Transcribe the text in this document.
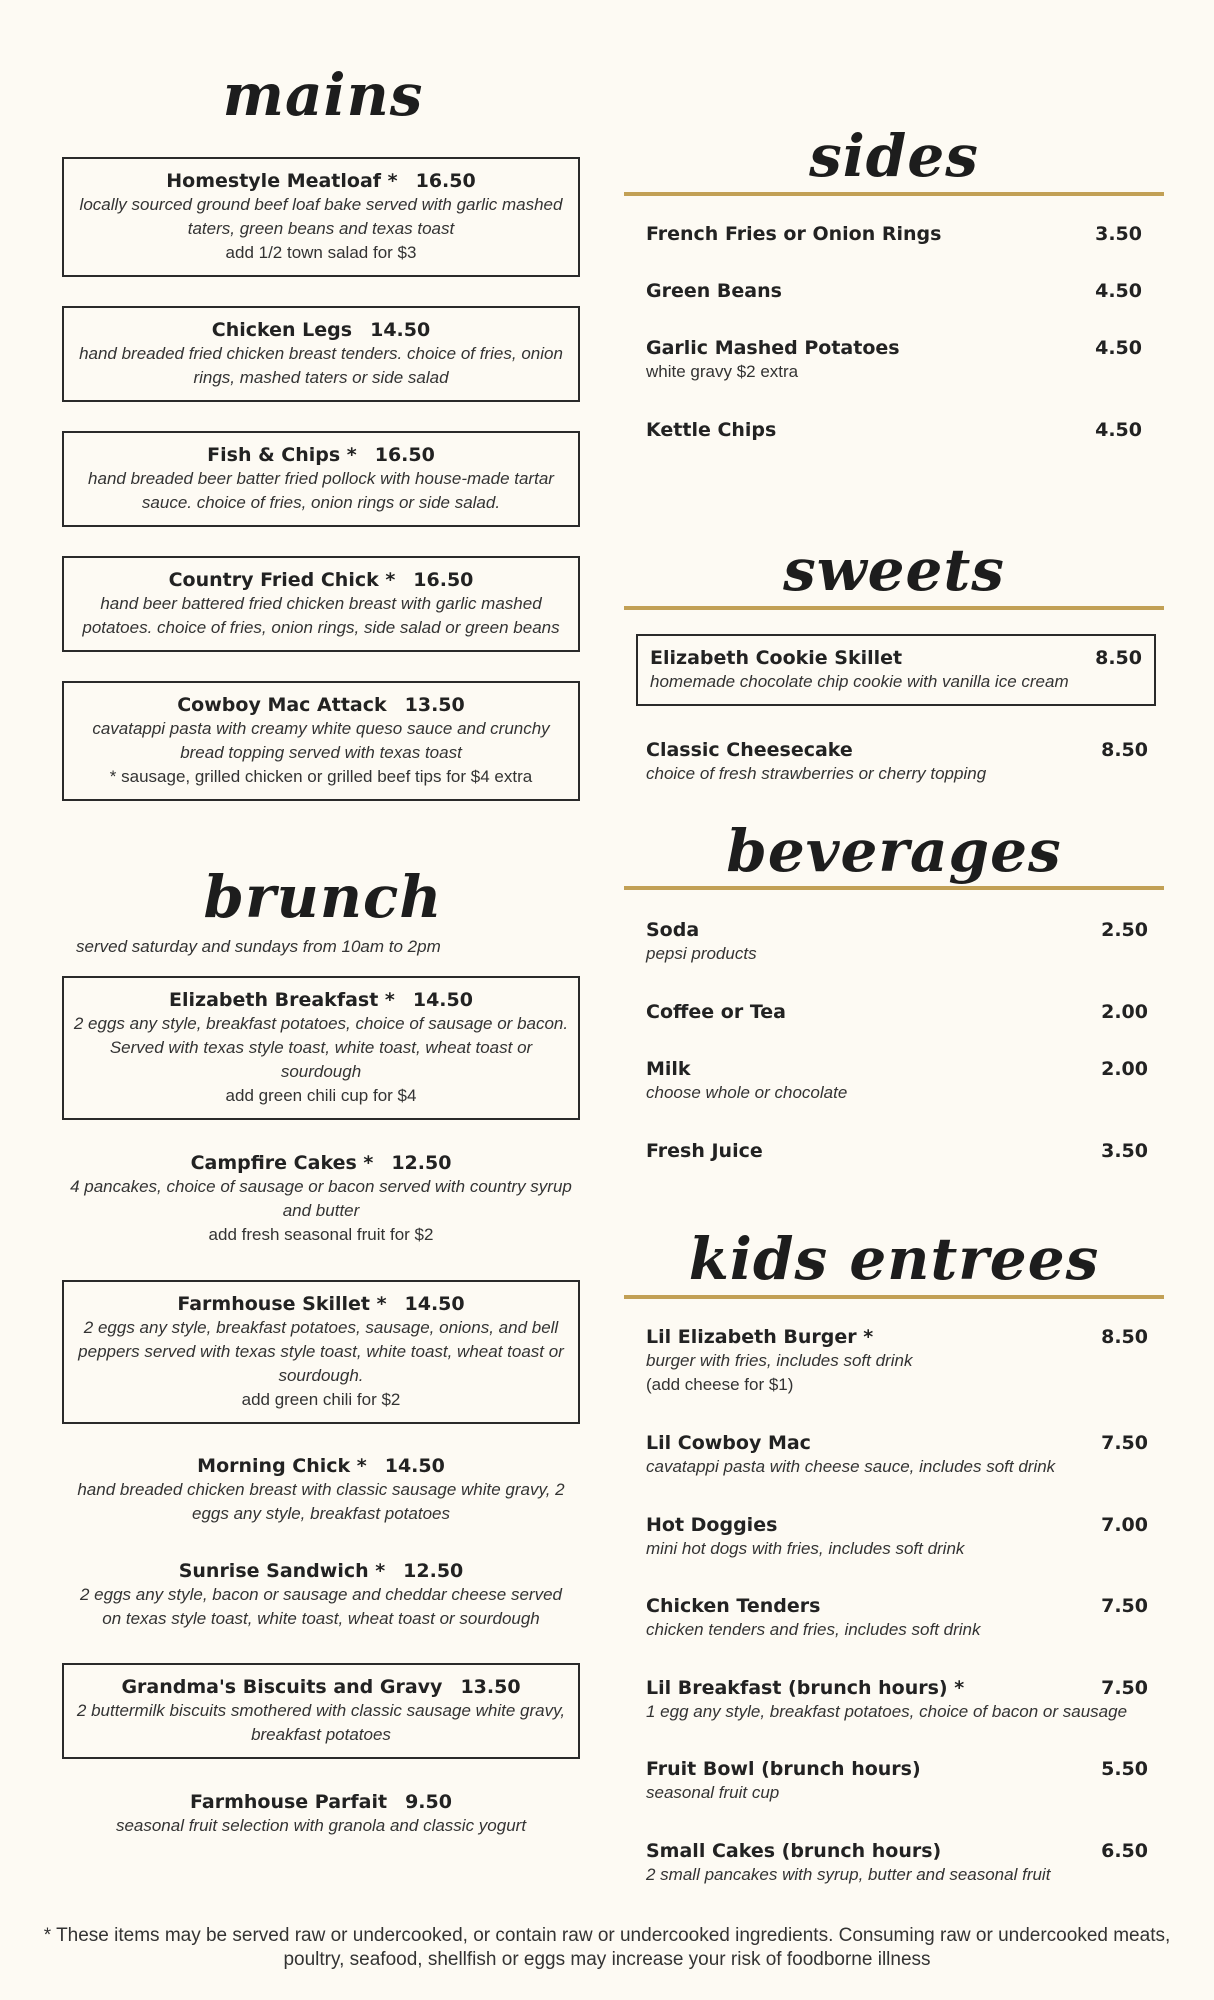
mains
Homestyle Meatloaf * 16.50
locally sourced ground beef loaf bake served with garlic mashed taters, green beans and texas toast
add 1/2 town salad for $3
Chicken Legs 14.50
hand breaded fried chicken breast tenders. choice of fries, onion rings, mashed taters or side salad
Fish & Chips * 16.50
hand breaded beer batter fried pollock with house-made tartar sauce. choice of fries, onion rings or side salad.
Country Fried Chick * 16.50
hand beer battered fried chicken breast with garlic mashed potatoes. choice of fries, onion rings, side salad or green beans
Cowboy Mac Attack 13.50
cavatappi pasta with creamy white queso sauce and crunchy bread topping served with texas toast
* sausage, grilled chicken or grilled beef tips for $4 extra
brunch
served saturday and sundays from 10am to 2pm
Elizabeth Breakfast * 14.50
2 eggs any style, breakfast potatoes, choice of sausage or bacon. Served with texas style toast, white toast, wheat toast or sourdough
add green chili cup for $4
Campfire Cakes * 12.50
4 pancakes, choice of sausage or bacon served with country syrup and butter
add fresh seasonal fruit for $2
Farmhouse Skillet * 14.50
2 eggs any style, breakfast potatoes, sausage, onions, and bell peppers served with texas style toast, white toast, wheat toast or sourdough.
add green chili for $2
Morning Chick * 14.50
hand breaded chicken breast with classic sausage white gravy, 2 eggs any style, breakfast potatoes
Sunrise Sandwich * 12.50
2 eggs any style, bacon or sausage and cheddar cheese served on texas style toast, white toast, wheat toast or sourdough
Grandma's Biscuits and Gravy 13.50
2 buttermilk biscuits smothered with classic sausage white gravy, breakfast potatoes
Farmhouse Parfait 9.50
seasonal fruit selection with granola and classic yogurt
sides
French Fries or Onion Rings	3.50
Green Beans	4.50
Garlic Mashed Potatoes	4.50
white gravy $2 extra
Kettle Chips	4.50
sweets
Elizabeth Cookie Skillet	8.50
homemade chocolate chip cookie with vanilla ice cream
Classic Cheesecake	8.50
choice of fresh strawberries or cherry topping
beverages
Soda	2.50
pepsi products
Coffee or Tea	2.00
Milk	2.00
choose whole or chocolate
Fresh Juice	3.50
kids entrees
Lil Elizabeth Burger *	8.50
burger with fries, includes soft drink
(add cheese for $1)
Lil Cowboy Mac	7.50
cavatappi pasta with cheese sauce, includes soft drink
Hot Doggies	7.00
mini hot dogs with fries, includes soft drink
Chicken Tenders	7.50
chicken tenders and fries, includes soft drink
Lil Breakfast (brunch hours) *	7.50
1 egg any style, breakfast potatoes, choice of bacon or sausage
Fruit Bowl (brunch hours)	5.50
seasonal fruit cup
Small Cakes (brunch hours)	6.50
2 small pancakes with syrup, butter and seasonal fruit
* These items may be served raw or undercooked, or contain raw or undercooked ingredients. Consuming raw or undercooked meats, poultry, seafood, shellfish or eggs may increase your risk of foodborne illness
